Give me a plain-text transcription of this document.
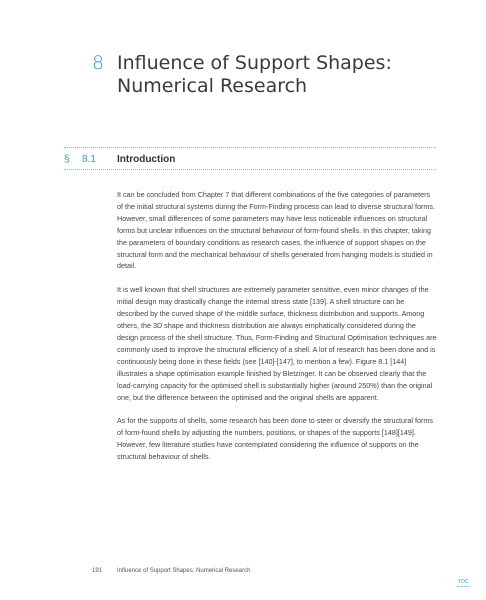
8 Influence of Support Shapes: Numerical Research
§ 8.1 Introduction

It can be concluded from Chapter 7 that different combinations of the five categories of parameters of the initial structural systems during the Form-Finding process can lead to diverse structural forms. However, small differences of some parameters may have less noticeable influences on structural forms but unclear influences on the structural behaviour of form-found shells. In this chapter, taking the parameters of boundary conditions as research cases, the influence of support shapes on the structural form and the mechanical behaviour of shells generated from hanging models is studied in detail.

It is well known that shell structures are extremely parameter sensitive, even minor changes of the initial design may drastically change the internal stress state [139]. A shell structure can be described by the curved shape of the middle surface, thickness distribution and supports. Among others, the 3D shape and thickness distribution are always emphatically considered during the design process of the shell structure. Thus, Form-Finding and Structural Optimisation techniques are commonly used to improve the structural efficiency of a shell. A lot of research has been done and is continuously being done in these fields (see [140]-[147], to mention a few). Figure 8.1 [144] illustrates a shape optimisation example finished by Bletzinger. It can be observed clearly that the load-carrying capacity for the optimised shell is substantially higher (around 250%) than the original one, but the difference between the optimised and the original shells are apparent.

As for the supports of shells, some research has been done to steer or diversify the structural forms of form-found shells by adjusting the numbers, positions, or shapes of the supports [148][149]. However, few literature studies have contemplated considering the influence of supports on the structural behaviour of shells.

191 Influence of Support Shapes: Numerical Research
TOC
